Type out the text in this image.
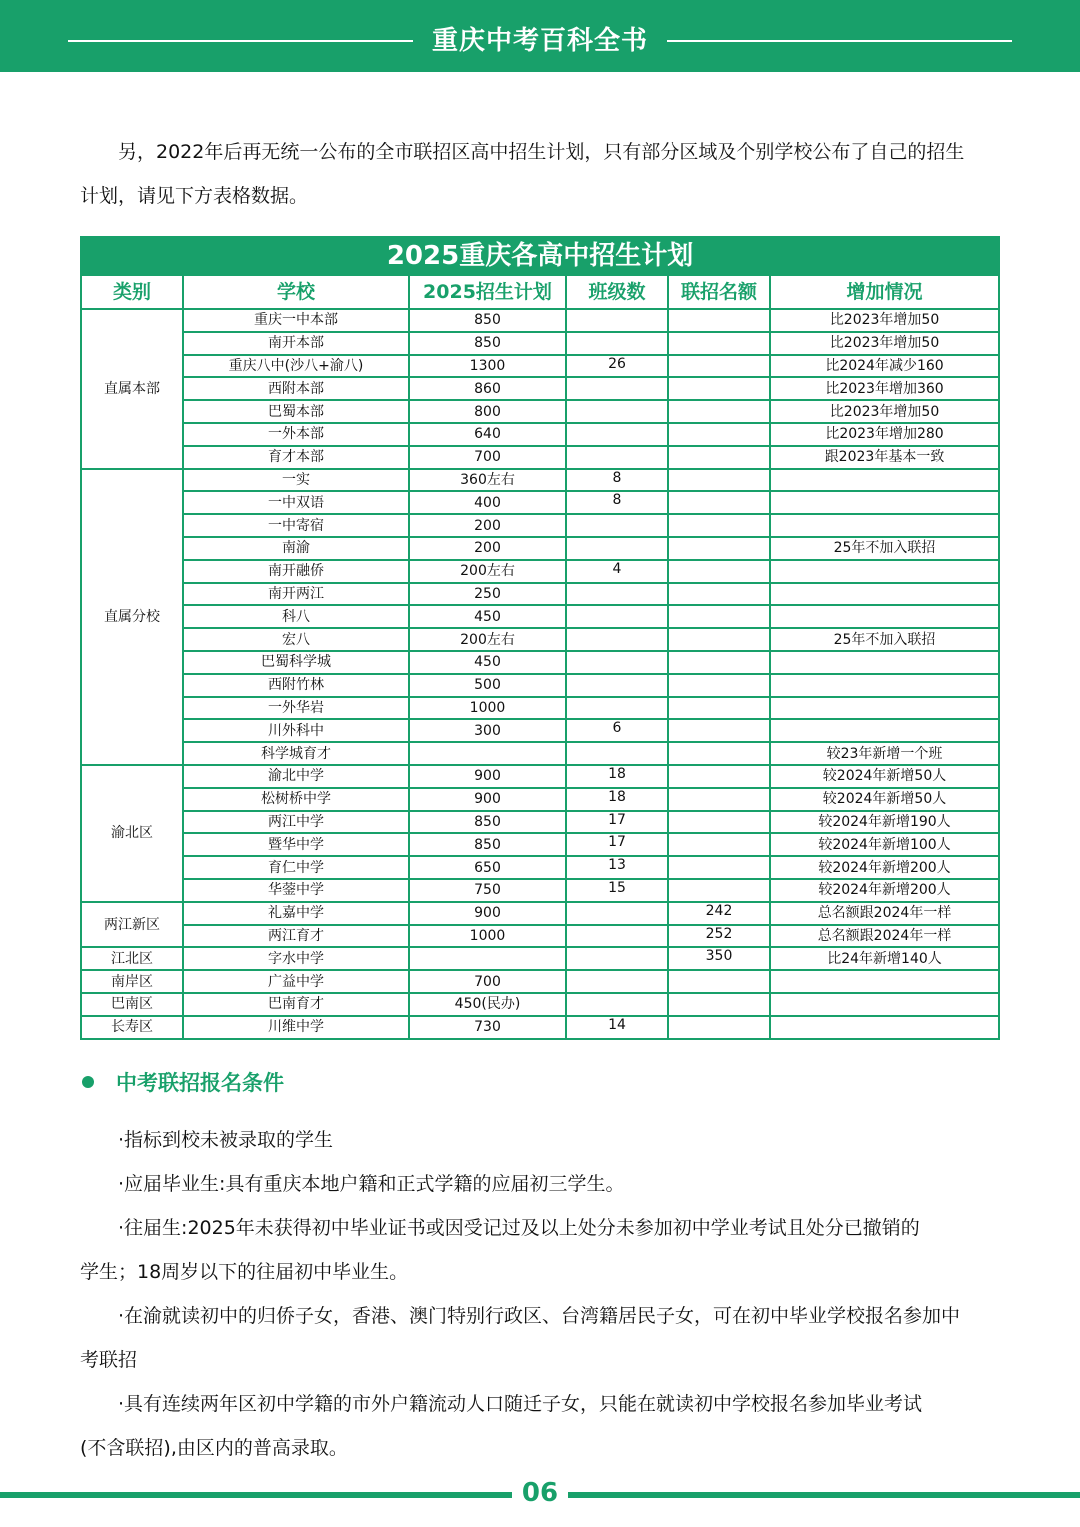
重庆中考百科全书
另，2022年后再无统一公布的全市联招区高中招生计划，只有部分区域及个别学校公布了自己的招生
计划，请见下方表格数据。
2025重庆各高中招生计划					
类别	学校	2025招生计划	班级数	联招名额	增加情况
直属本部	重庆一中本部	850			比2023年增加50
	南开本部	850			比2023年增加50
	重庆八中(沙八+渝八)	1300	26		比2024年减少160
	西附本部	860			比2023年增加360
	巴蜀本部	800			比2023年增加50
	一外本部	640			比2023年增加280
	育才本部	700			跟2023年基本一致
直属分校	一实	360左右	8		
	一中双语	400	8		
	一中寄宿	200			
	南渝	200			25年不加入联招
	南开融侨	200左右	4		
	南开两江	250			
	科八	450			
	宏八	200左右			25年不加入联招
	巴蜀科学城	450			
	西附竹林	500			
	一外华岩	1000			
	川外科中	300	6		
	科学城育才				较23年新增一个班
渝北区	渝北中学	900	18		较2024年新增50人
	松树桥中学	900	18		较2024年新增50人
	两江中学	850	17		较2024年新增190人
	暨华中学	850	17		较2024年新增100人
	育仁中学	650	13		较2024年新增200人
	华蓥中学	750	15		较2024年新增200人
两江新区	礼嘉中学	900		242	总名额跟2024年一样
	两江育才	1000		252	总名额跟2024年一样
江北区	字水中学			350	比24年新增140人
南岸区	广益中学	700			
巴南区	巴南育才	450(民办)			
长寿区	川维中学	730	14		
中考联招报名条件
·指标到校未被录取的学生
·应届毕业生:具有重庆本地户籍和正式学籍的应届初三学生。
·往届生:2025年未获得初中毕业证书或因受记过及以上处分未参加初中学业考试且处分已撤销的
学生；18周岁以下的往届初中毕业生。
·在渝就读初中的归侨子女，香港、澳门特别行政区、台湾籍居民子女，可在初中毕业学校报名参加中
考联招
·具有连续两年区初中学籍的市外户籍流动人口随迁子女，只能在就读初中学校报名参加毕业考试
(不含联招),由区内的普高录取。
06
